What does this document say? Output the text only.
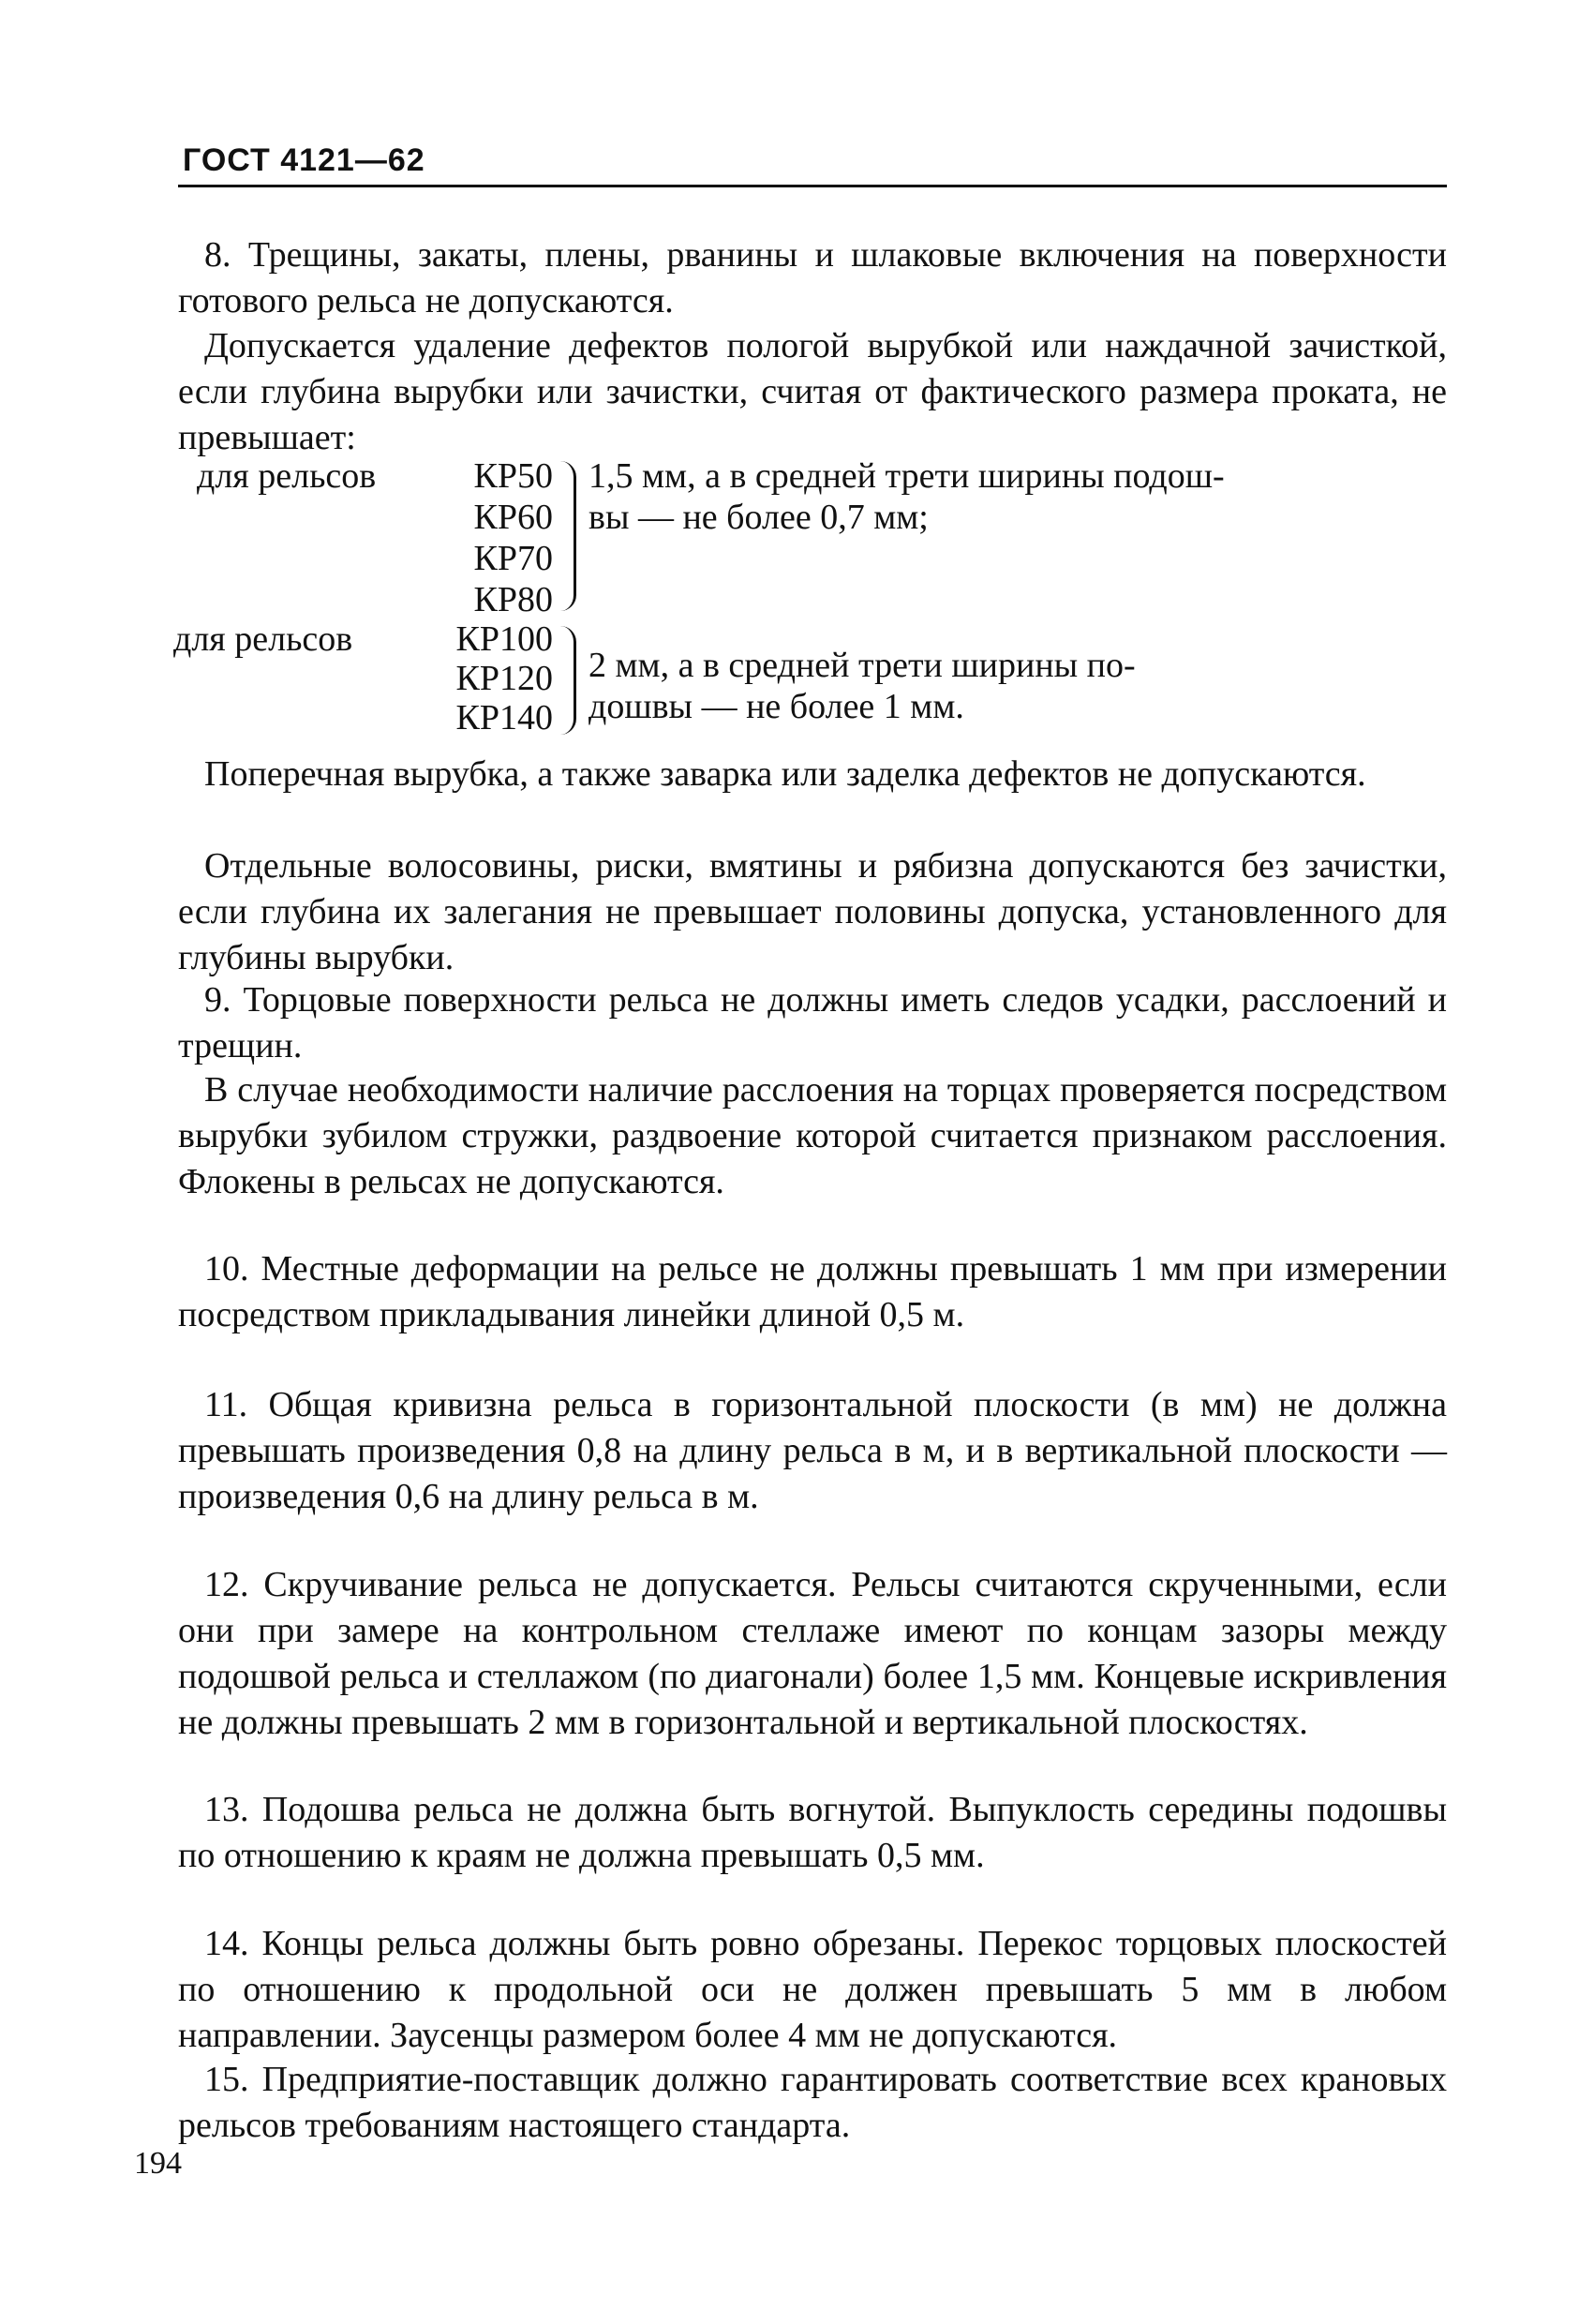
ГОСТ 4121—62
8. Трещины, закаты, плены, рванины и шлаковые включения на поверхности готового рельса не допускаются.
Допускается удаление дефектов пологой вырубкой или наждачной зачисткой, если глубина вырубки или зачистки, считая от фактического размера проката, не превышает:
для рельсов	КР50
КР60
КР70
КР80
1,5 мм, а в средней трети ширины подош-
вы — не более 0,7 мм;
для рельсов	КР100
КР120
КР140
2 мм, а в средней трети ширины по-
дошвы — не более 1 мм.
Поперечная вырубка, а также заварка или заделка дефектов не допускаются.
Отдельные волосовины, риски, вмятины и рябизна допускаются без зачистки, если глубина их залегания не превышает половины допуска, установленного для глубины вырубки.
9. Торцовые поверхности рельса не должны иметь следов усадки, расслоений и трещин.
В случае необходимости наличие расслоения на торцах проверяется посредством вырубки зубилом стружки, раздвоение которой считается признаком расслоения. Флокены в рельсах не допускаются.
10. Местные деформации на рельсе не должны превышать 1 мм при измерении посредством прикладывания линейки длиной 0,5 м.
11. Общая кривизна рельса в горизонтальной плоскости (в мм) не должна превышать произведения 0,8 на длину рельса в м, и в вертикальной плоскости — произведения 0,6 на длину рельса в м.
12. Скручивание рельса не допускается. Рельсы считаются скрученными, если они при замере на контрольном стеллаже имеют по концам зазоры между подошвой рельса и стеллажом (по диагонали) более 1,5 мм. Концевые искривления не должны превышать 2 мм в горизонтальной и вертикальной плоскостях.
13. Подошва рельса не должна быть вогнутой. Выпуклость середины подошвы по отношению к краям не должна превышать 0,5 мм.
14. Концы рельса должны быть ровно обрезаны. Перекос торцовых плоскостей по отношению к продольной оси не должен превышать 5 мм в любом направлении. Заусенцы размером более 4 мм не допускаются.
15. Предприятие-поставщик должно гарантировать соответствие всех крановых рельсов требованиям настоящего стандарта.
194
